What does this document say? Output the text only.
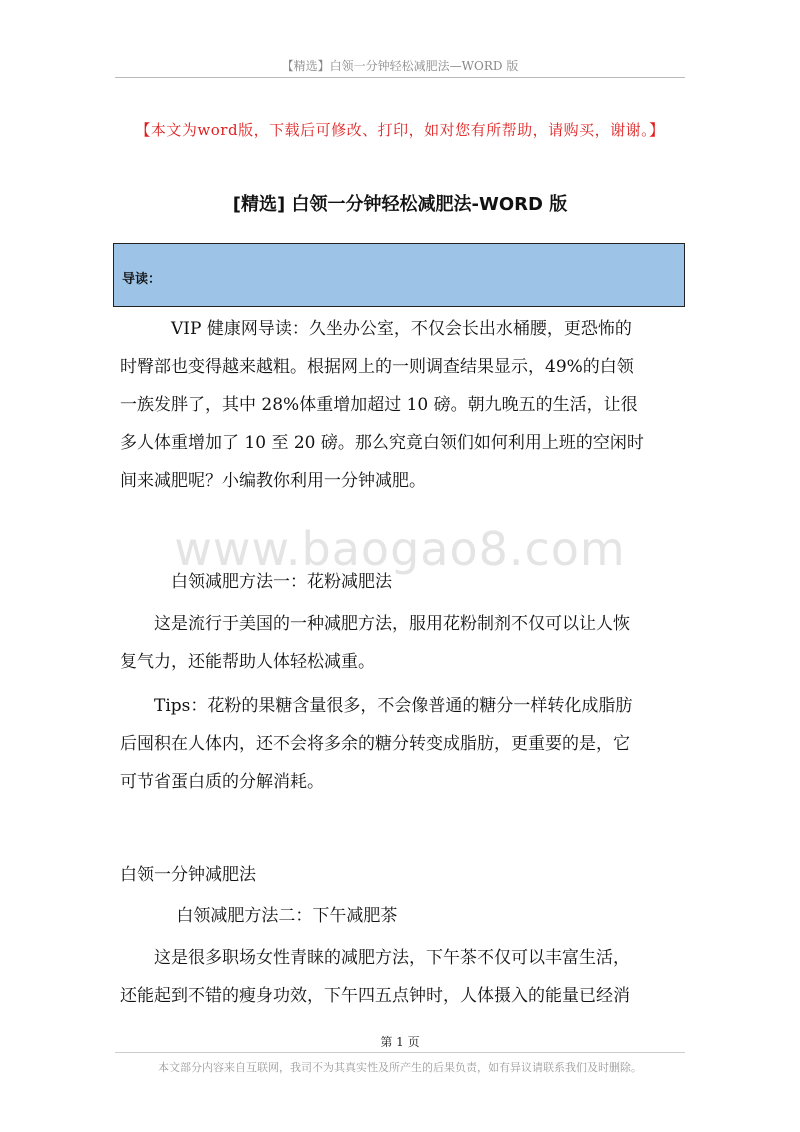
【精选】白领一分钟轻松减肥法—WORD 版
【本文为word版，下载后可修改、打印，如对您有所帮助，请购买，谢谢。】
[精选] 白领一分钟轻松减肥法-WORD 版
导读：
　　　VIP 健康网导读：久坐办公室，不仅会长出水桶腰，更恐怖的
时臀部也变得越来越粗。根据网上的一则调查结果显示，49%的白领
一族发胖了，其中 28%体重增加超过 10 磅。朝九晚五的生活，让很
多人体重增加了 10 至 20 磅。那么究竟白领们如何利用上班的空闲时
间来减肥呢？小编教你利用一分钟减肥。
www.baogao8.com
　　　白领减肥方法一：花粉减肥法
　　这是流行于美国的一种减肥方法，服用花粉制剂不仅可以让人恢
复气力，还能帮助人体轻松减重。
　　Tips：花粉的果糖含量很多，不会像普通的糖分一样转化成脂肪
后囤积在人体内，还不会将多余的糖分转变成脂肪，更重要的是，它
可节省蛋白质的分解消耗。
白领一分钟减肥法
　　　 白领减肥方法二：下午减肥茶
　　这是很多职场女性青睐的减肥方法，下午茶不仅可以丰富生活，
还能起到不错的瘦身功效，下午四五点钟时，人体摄入的能量已经消
第 1 页
本文部分内容来自互联网，我司不为其真实性及所产生的后果负责，如有异议请联系我们及时删除。
